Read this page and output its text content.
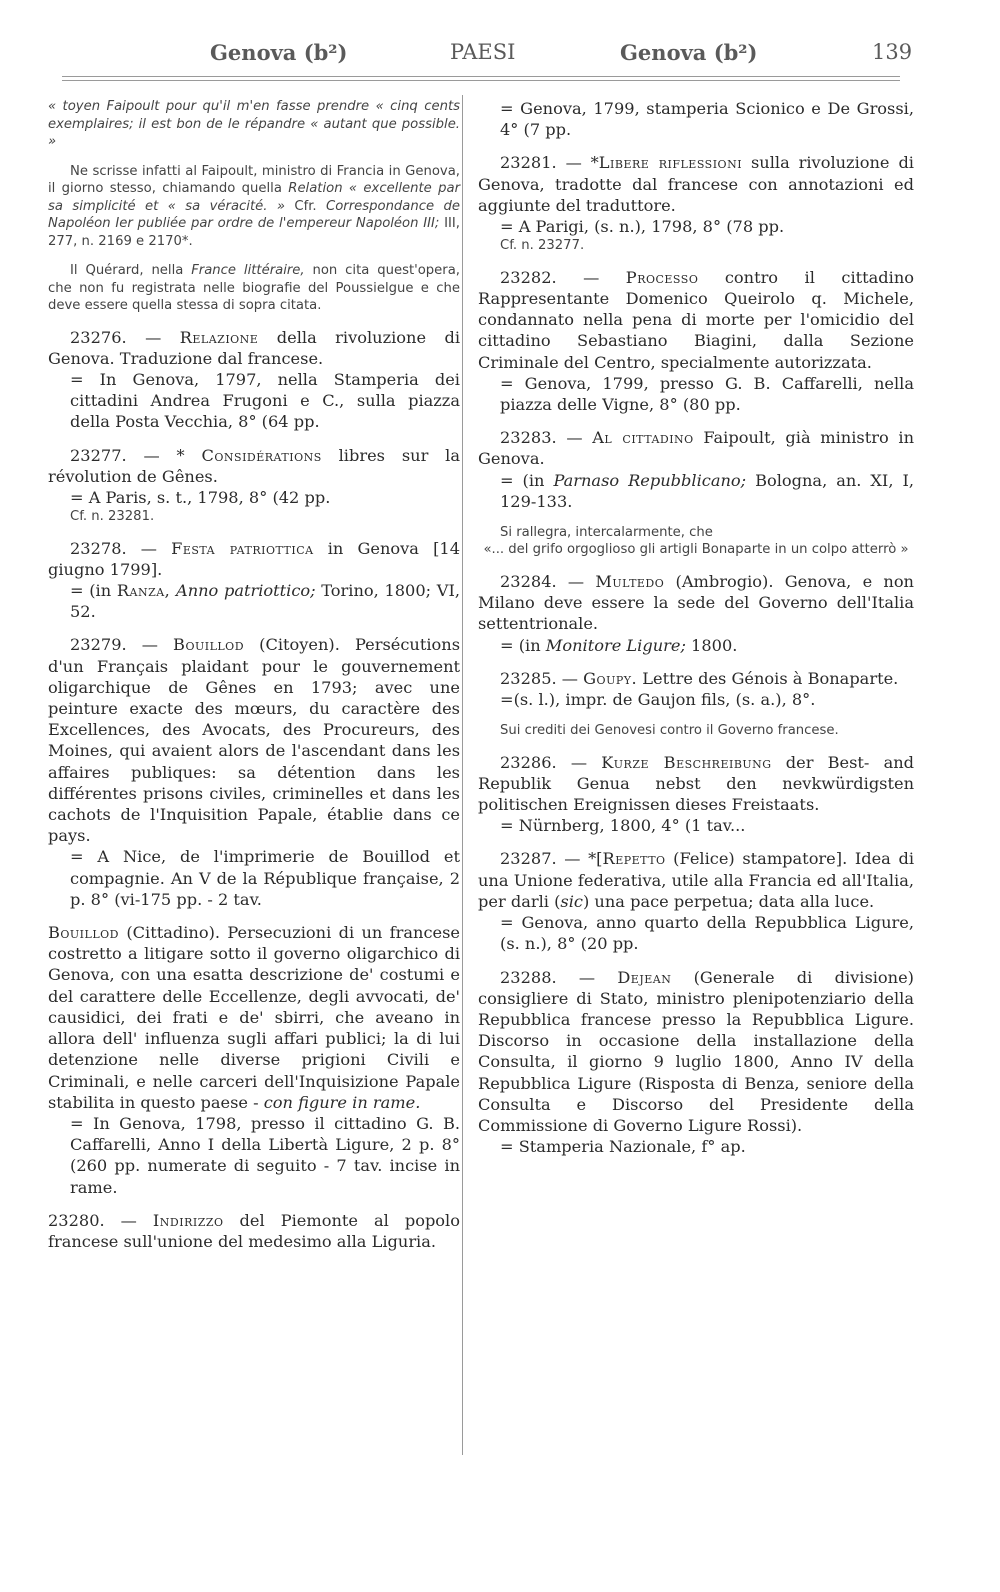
Genova (b²)	PAESI	Genova (b²)	139

« toyen Faipoult pour qu'il m'en fasse prendre « cinq cents exemplaires; il est bon de le répandre « autant que possible. »

Ne scrisse infatti al Faipoult, ministro di Francia in Genova, il giorno stesso, chiamando quella Relation « excellente par sa simplicité et « sa véracité. » Cfr. Correspondance de Napoléon Ier publiée par ordre de l'empereur Napoléon III; III, 277, n. 2169 e 2170*.

Il Quérard, nella France littéraire, non cita quest'opera, che non fu registrata nelle biografie del Poussielgue e che deve essere quella stessa di sopra citata.

23276. — Relazione della rivoluzione di Genova. Traduzione dal francese.

= In Genova, 1797, nella Stamperia dei cittadini Andrea Frugoni e C., sulla piazza della Posta Vecchia, 8° (64 pp.

23277. — * Considérations libres sur la révolution de Gênes.

= A Paris, s. t., 1798, 8° (42 pp.

Cf. n. 23281.

23278. — Festa patriottica in Genova [14 giugno 1799].

= (in Ranza, Anno patriottico; Torino, 1800; VI, 52.

23279. — Bouillod (Citoyen). Persécutions d'un Français plaidant pour le gouvernement oligarchique de Gênes en 1793; avec une peinture exacte des mœurs, du caractère des Excellences, des Avocats, des Procureurs, des Moines, qui avaient alors de l'ascendant dans les affaires publiques: sa détention dans les différentes prisons civiles, criminelles et dans les cachots de l'Inquisition Papale, établie dans ce pays.

= A Nice, de l'imprimerie de Bouillod et compagnie. An V de la République française, 2 p. 8° (vi-175 pp. - 2 tav.

Bouillod (Cittadino). Persecuzioni di un francese costretto a litigare sotto il governo oligarchico di Genova, con una esatta descrizione de' costumi e del carattere delle Eccellenze, degli avvocati, de' causidici, dei frati e de' sbirri, che aveano in allora dell' influenza sugli affari publici; la di lui detenzione nelle diverse prigioni Civili e Criminali, e nelle carceri dell'Inquisizione Papale stabilita in questo paese - con figure in rame.

= In Genova, 1798, presso il cittadino G. B. Caffarelli, Anno I della Libertà Ligure, 2 p. 8° (260 pp. numerate di seguito - 7 tav. incise in rame.

23280. — Indirizzo del Piemonte al popolo francese sull'unione del medesimo alla Liguria.

= Genova, 1799, stamperia Scionico e De Grossi, 4° (7 pp.

23281. — *Libere riflessioni sulla rivoluzione di Genova, tradotte dal francese con annotazioni ed aggiunte del traduttore.

= A Parigi, (s. n.), 1798, 8° (78 pp.

Cf. n. 23277.

23282. — Processo contro il cittadino Rappresentante Domenico Queirolo q. Michele, condannato nella pena di morte per l'omicidio del cittadino Sebastiano Biagini, dalla Sezione Criminale del Centro, specialmente autorizzata.

= Genova, 1799, presso G. B. Caffarelli, nella piazza delle Vigne, 8° (80 pp.

23283. — Al cittadino Faipoult, già ministro in Genova.

= (in Parnaso Repubblicano; Bologna, an. XI, I, 129-133.

Si rallegra, intercalarmente, che

«... del grifo orgoglioso gli artigli Bonaparte in un colpo atterrò »

23284. — Multedo (Ambrogio). Genova, e non Milano deve essere la sede del Governo dell'Italia settentrionale.

= (in Monitore Ligure; 1800.

23285. — Goupy. Lettre des Génois à Bonaparte.

=(s. l.), impr. de Gaujon fils, (s. a.), 8°.

Sui crediti dei Genovesi contro il Governo francese.

23286. — Kurze Beschreibung der Best- and Republik Genua nebst den nevkwürdigsten politischen Ereignissen dieses Freistaats.

= Nürnberg, 1800, 4° (1 tav...

23287. — *[Repetto (Felice) stampatore]. Idea di una Unione federativa, utile alla Francia ed all'Italia, per darli (sic) una pace perpetua; data alla luce.

= Genova, anno quarto della Repubblica Ligure, (s. n.), 8° (20 pp.

23288. — Dejean (Generale di divisione) consigliere di Stato, ministro plenipotenziario della Repubblica francese presso la Repubblica Ligure. Discorso in occasione della installazione della Consulta, il giorno 9 luglio 1800, Anno IV della Repubblica Ligure (Risposta di Benza, seniore della Consulta e Discorso del Presidente della Commissione di Governo Ligure Rossi).

= Stamperia Nazionale, f° ap.
